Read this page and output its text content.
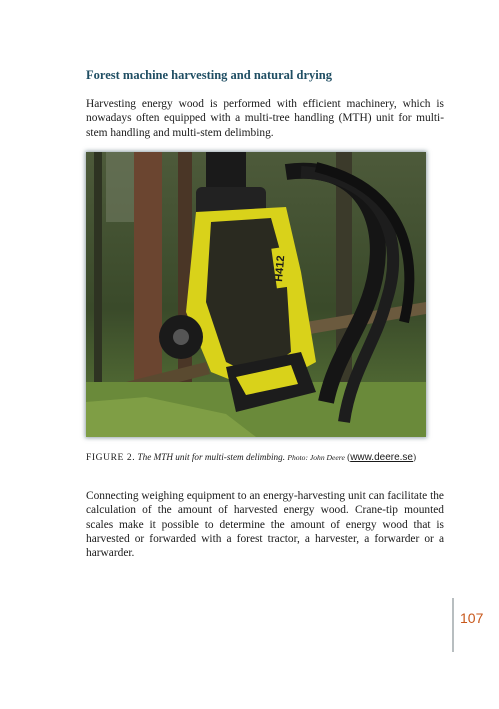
Forest machine harvesting and natural drying

Harvesting energy wood is performed with efficient machinery, which is nowadays often equipped with a multi-tree handling (MTH) unit for multi-stem handling and multi-stem delimbing.

H412
FIGURE 2. The MTH unit for multi-stem delimbing. Photo: John Deere (www.deere.se)

Connecting weighing equipment to an energy-harvesting unit can facilitate the calculation of the amount of harvested energy wood. Crane-tip mounted scales make it possible to determine the amount of energy wood that is harvested or forwarded with a forest tractor, a harvester, a forwarder or a harwarder.

107
